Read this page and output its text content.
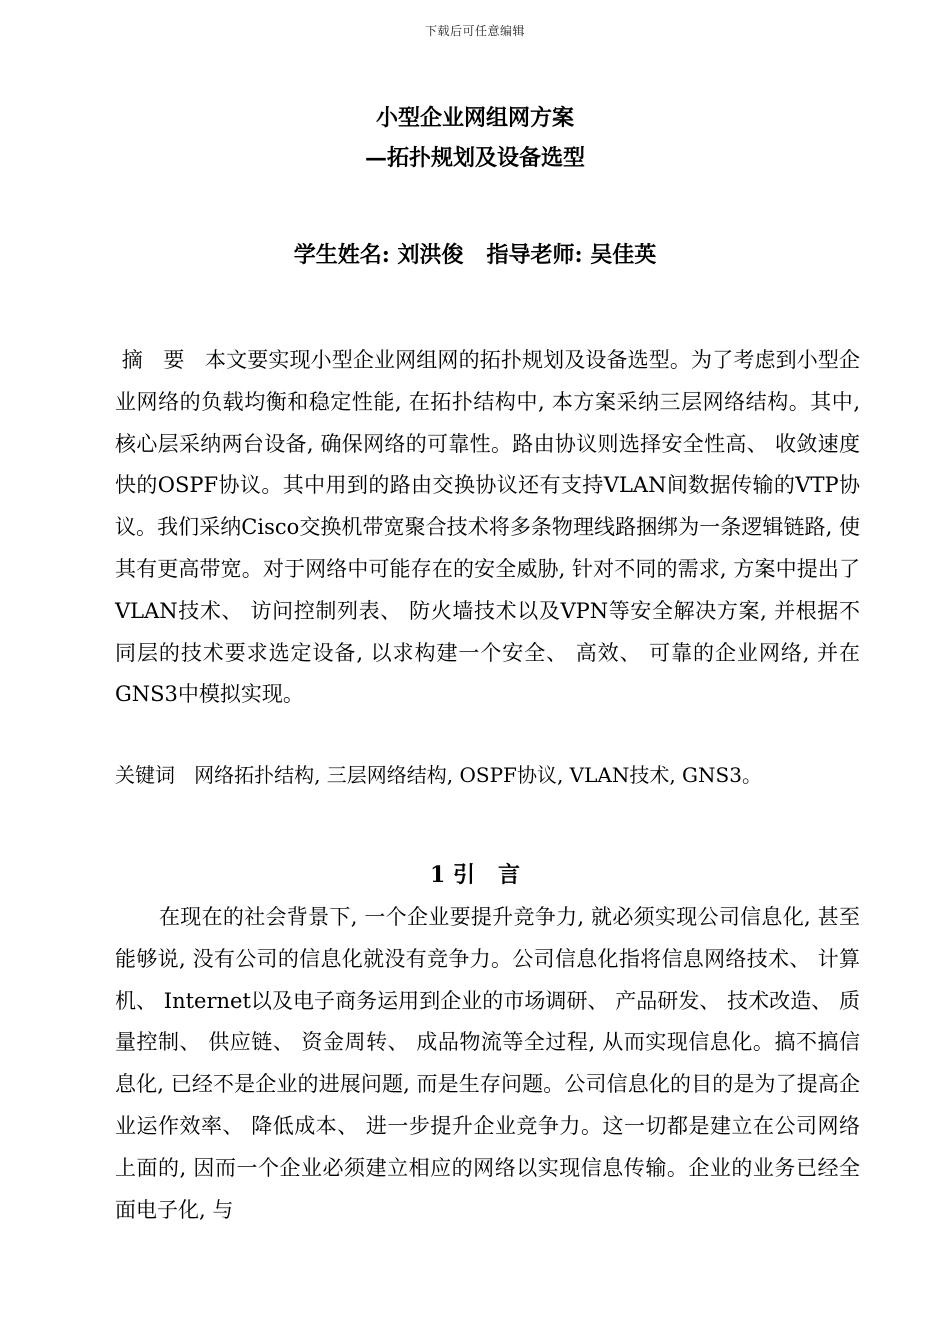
下载后可任意编辑
小型企业网组网方案
—拓扑规划及设备选型
学生姓名: 刘洪俊   指导老师: 吴佳英
摘   要   本文要实现小型企业网组网的拓扑规划及设备选型。为了考虑到小型企业网络的负载均衡和稳定性能, 在拓扑结构中, 本方案采纳三层网络结构。其中, 核心层采纳两台设备, 确保网络的可靠性。路由协议则选择安全性高、 收敛速度快的OSPF协议。其中用到的路由交换协议还有支持VLAN间数据传输的VTP协议。我们采纳Cisco交换机带宽聚合技术将多条物理线路捆绑为一条逻辑链路, 使其有更高带宽。对于网络中可能存在的安全威胁, 针对不同的需求, 方案中提出了VLAN技术、 访问控制列表、 防火墙技术以及VPN等安全解决方案, 并根据不同层的技术要求选定设备, 以求构建一个安全、 高效、 可靠的企业网络, 并在GNS3中模拟实现。
关键词   网络拓扑结构, 三层网络结构, OSPF协议, VLAN技术, GNS3。
1 引   言
在现在的社会背景下, 一个企业要提升竞争力, 就必须实现公司信息化, 甚至能够说, 没有公司的信息化就没有竞争力。公司信息化指将信息网络技术、 计算机、 Internet以及电子商务运用到企业的市场调研、 产品研发、 技术改造、 质量控制、 供应链、 资金周转、 成品物流等全过程, 从而实现信息化。搞不搞信息化, 已经不是企业的进展问题, 而是生存问题。公司信息化的目的是为了提高企业运作效率、 降低成本、 进一步提升企业竞争力。这一切都是建立在公司网络上面的, 因而一个企业必须建立相应的网络以实现信息传输。企业的业务已经全面电子化, 与
